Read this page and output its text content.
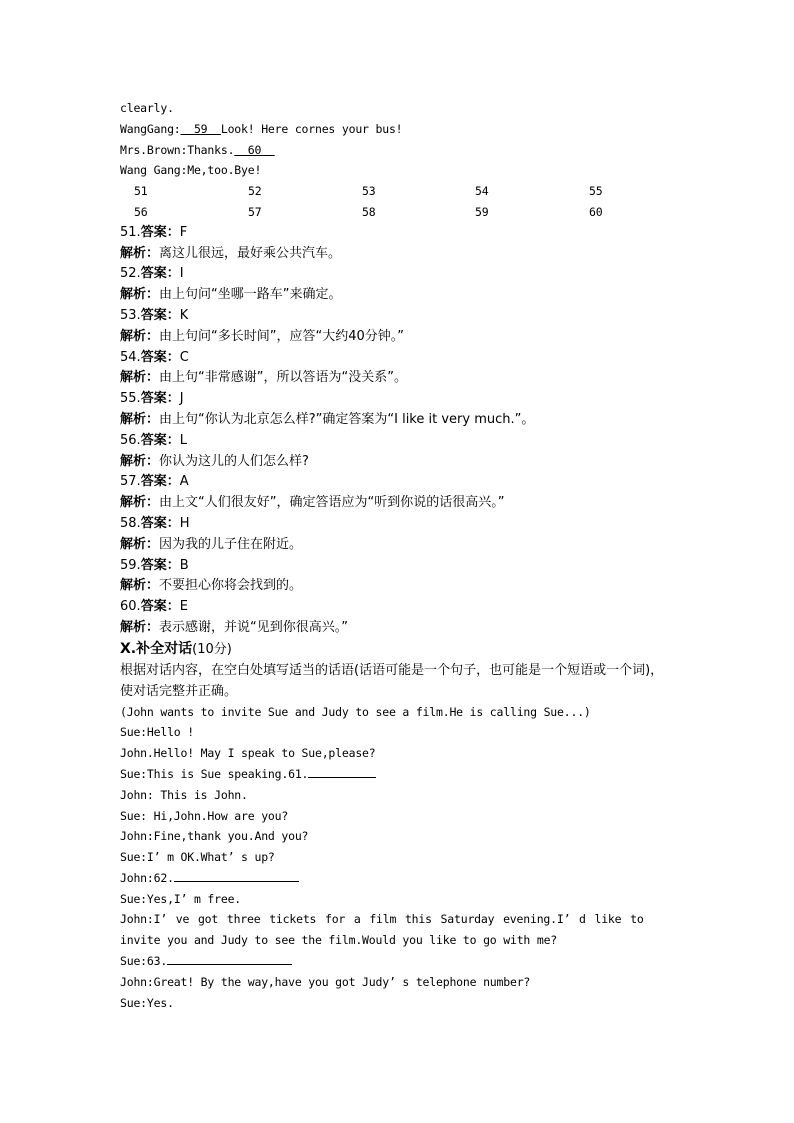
clearly.
WangGang:  59  Look! Here cornes your bus!
Mrs.Brown:Thanks.  60
Wang Gang:Me,too.Bye!
51	52	53	54	55
56	57	58	59	60
51.答案：F
解析：离这儿很远，最好乘公共汽车。
52.答案：I
解析：由上句问“坐哪一路车”来确定。
53.答案：K
解析：由上句问“多长时间”，应答“大约40分钟。”
54.答案：C
解析：由上句“非常感谢”，所以答语为“没关系”。
55.答案：J
解析：由上句“你认为北京怎么样?”确定答案为“I like it very much.”。
56.答案：L
解析：你认为这儿的人们怎么样?
57.答案：A
解析：由上文“人们很友好”，确定答语应为“听到你说的话很高兴。”
58.答案：H
解析：因为我的儿子住在附近。
59.答案：B
解析：不要担心你将会找到的。
60.答案：E
解析：表示感谢，并说“见到你很高兴。”
Ⅹ.补全对话(10分)
根据对话内容，在空白处填写适当的话语(话语可能是一个句子，也可能是一个短语或一个词)，使对话完整并正确。
(John wants to invite Sue and Judy to see a film.He is calling Sue...)
Sue:Hello !
John.Hello! May I speak to Sue,please?
Sue:This is Sue speaking.61.
John: This is John.
Sue: Hi,John.How are you?
John:Fine,thank you.And you?
Sue:I’ m OK.What’ s up?
John:62.
Sue:Yes,I’ m free.
John:I’ ve got three tickets for a film this Saturday evening.I’ d like to
invite you and Judy to see the film.Would you like to go with me?
Sue:63.
John:Great! By the way,have you got Judy’ s telephone number?
Sue:Yes.
